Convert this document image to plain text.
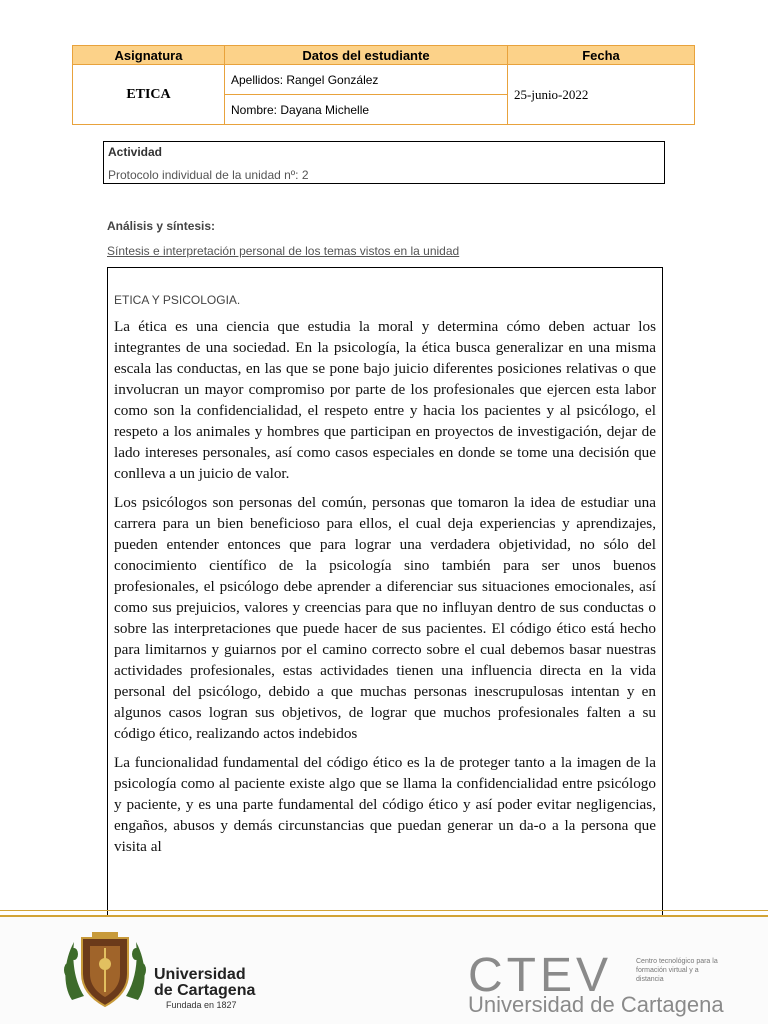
Asignatura	Datos del estudiante	Fecha
ETICA	Apellidos: Rangel González	25-junio-2022
	Nombre: Dayana Michelle	
Actividad
Protocolo individual de la unidad nº: 2
Análisis y síntesis:
Síntesis e interpretación personal de los temas vistos en la unidad
ETICA Y PSICOLOGIA.

La ética es una ciencia que estudia la moral y determina cómo deben actuar los integrantes de una sociedad. En la psicología, la ética busca generalizar en una misma escala las conductas, en las que se pone bajo juicio diferentes posiciones relativas o que involucran un mayor compromiso por parte de los profesionales que ejercen esta labor como son la confidencialidad, el respeto entre y hacia los pacientes y al psicólogo, el respeto a los animales y hombres que participan en proyectos de investigación, dejar de lado intereses personales, así como casos especiales en donde se tome una decisión que conlleva a un juicio de valor.

Los psicólogos son personas del común, personas que tomaron la idea de estudiar una carrera para un bien beneficioso para ellos, el cual deja experiencias y aprendizajes, pueden entender entonces que para lograr una verdadera objetividad, no sólo del conocimiento científico de la psicología sino también para ser unos buenos profesionales, el psicólogo debe aprender a diferenciar sus situaciones emocionales, así como sus prejuicios, valores y creencias para que no influyan dentro de sus conductas o sobre las interpretaciones que puede hacer de sus pacientes. El código ético está hecho para limitarnos y guiarnos por el camino correcto sobre el cual debemos basar nuestras actividades profesionales, estas actividades tienen una influencia directa en la vida personal del psicólogo, debido a que muchas personas inescrupulosas intentan y en algunos casos logran sus objetivos, de lograr que muchos profesionales falten a su código ético, realizando actos indebidos

La funcionalidad fundamental del código ético es la de proteger tanto a la imagen de la psicología como al paciente existe algo que se llama la confidencialidad entre psicólogo y paciente, y es una parte fundamental del código ético y así poder evitar negligencias, engaños, abusos y demás circunstancias que puedan generar un da-o a la persona que visita al

Universidad
de Cartagena
Fundada en 1827
CTEV	Centro tecnológico para la formación virtual y a distancia
Universidad de Cartagena
